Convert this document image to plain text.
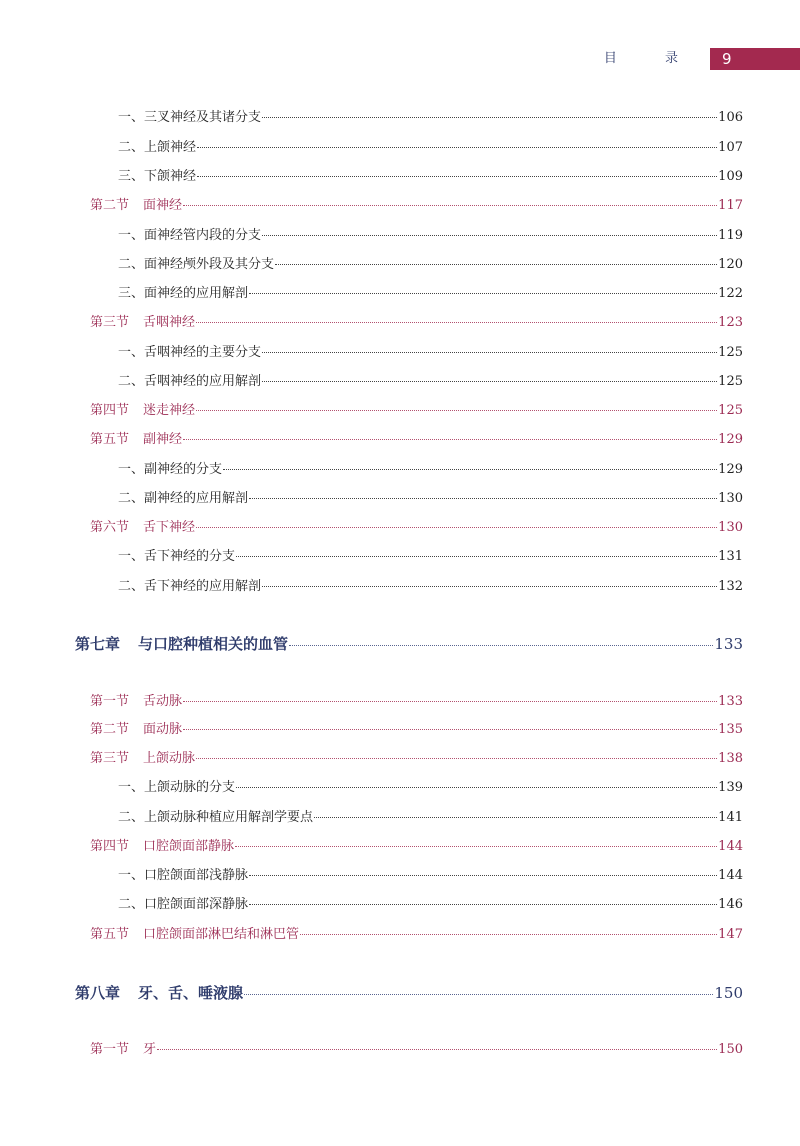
目 录	9
一、三叉神经及其诸分支	106
二、上颌神经	107
三、下颌神经	109
第二节 面神经	117
一、面神经管内段的分支	119
二、面神经颅外段及其分支	120
三、面神经的应用解剖	122
第三节 舌咽神经	123
一、舌咽神经的主要分支	125
二、舌咽神经的应用解剖	125
第四节 迷走神经	125
第五节 副神经	129
一、副神经的分支	129
二、副神经的应用解剖	130
第六节 舌下神经	130
一、舌下神经的分支	131
二、舌下神经的应用解剖	132
第七章 与口腔种植相关的血管	133
第一节 舌动脉	133
第二节 面动脉	135
第三节 上颌动脉	138
一、上颌动脉的分支	139
二、上颌动脉种植应用解剖学要点	141
第四节 口腔颌面部静脉	144
一、口腔颌面部浅静脉	144
二、口腔颌面部深静脉	146
第五节 口腔颌面部淋巴结和淋巴管	147
第八章 牙、舌、唾液腺	150
第一节 牙	150
